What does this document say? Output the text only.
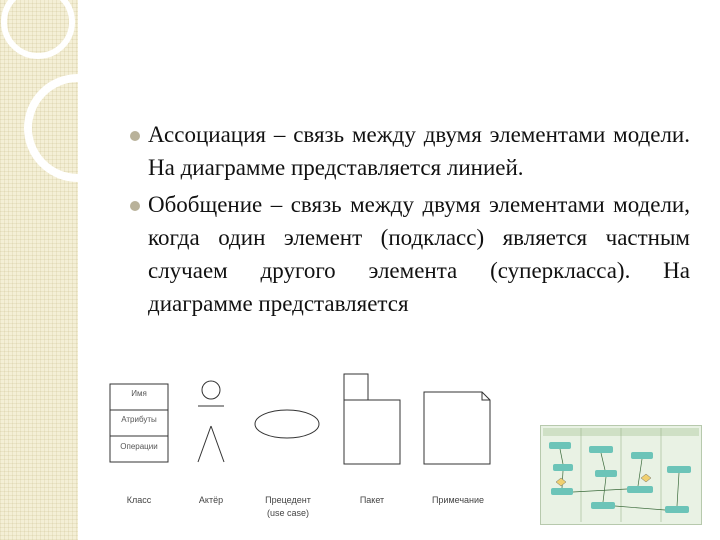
Ассоциация – связь между двумя элементами модели. На диаграмме представляется линией.

Обобщение – связь между двумя элементами модели, когда один элемент (подкласс) является частным случаем другого элемента (суперкласса). На диаграмме представляется

Имя
Атрибуты
Операции
Класс	Актёр	Прецедент
(use case)
Пакет	Примечание
